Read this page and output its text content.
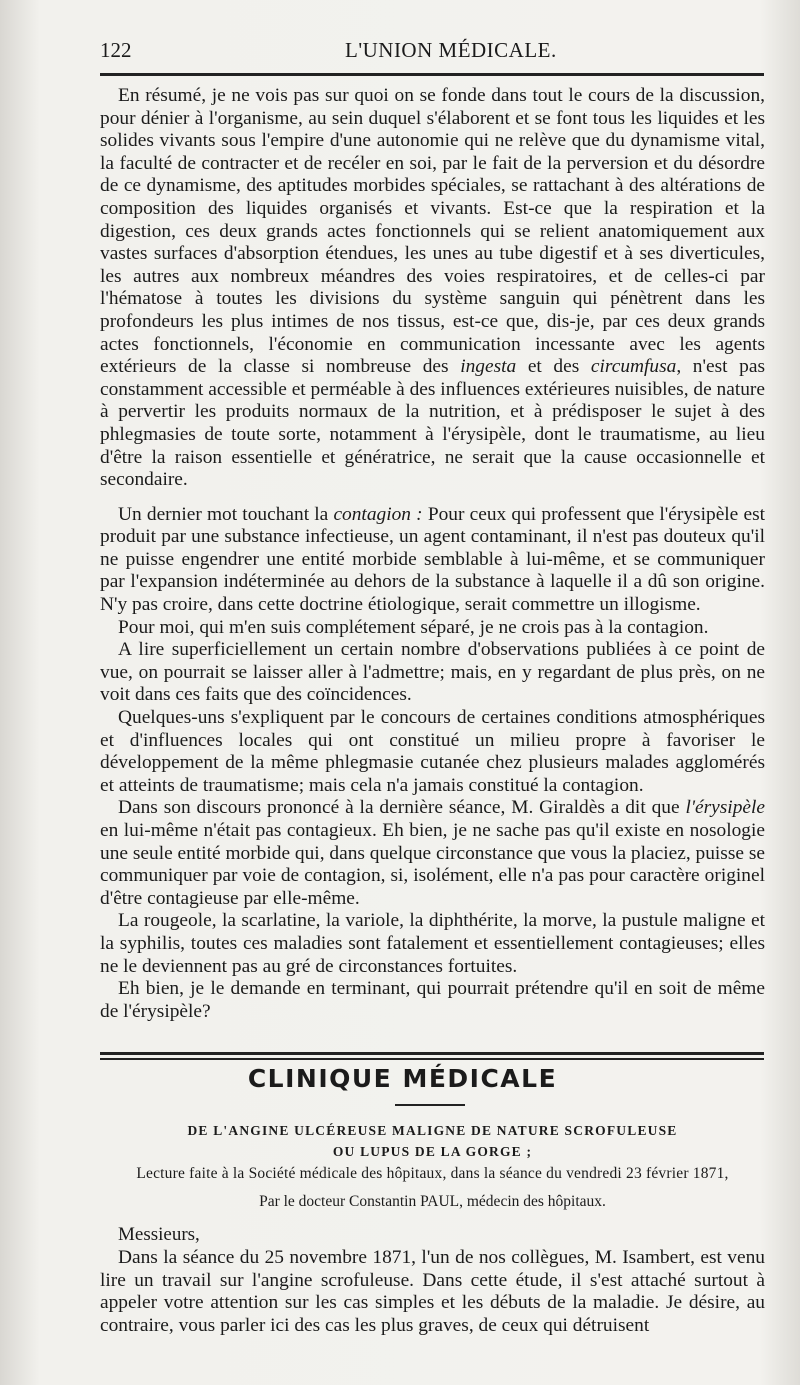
122	L'UNION MÉDICALE.

En résumé, je ne vois pas sur quoi on se fonde dans tout le cours de la discussion, pour dénier à l'organisme, au sein duquel s'élaborent et se font tous les liquides et les solides vivants sous l'empire d'une autonomie qui ne relève que du dynamisme vital, la faculté de contracter et de recéler en soi, par le fait de la perversion et du désordre de ce dynamisme, des aptitudes morbides spéciales, se rattachant à des altérations de composition des liquides organisés et vivants. Est-ce que la respiration et la digestion, ces deux grands actes fonctionnels qui se relient anatomiquement aux vastes surfaces d'absorption étendues, les unes au tube digestif et à ses diverticules, les autres aux nombreux méandres des voies respiratoires, et de celles-ci par l'hématose à toutes les divisions du système sanguin qui pénètrent dans les profondeurs les plus intimes de nos tissus, est-ce que, dis-je, par ces deux grands actes fonctionnels, l'économie en communication incessante avec les agents extérieurs de la classe si nombreuse des ingesta et des circumfusa, n'est pas constamment accessible et perméable à des influences extérieures nuisibles, de nature à pervertir les produits normaux de la nutrition, et à prédisposer le sujet à des phlegmasies de toute sorte, notamment à l'érysipèle, dont le traumatisme, au lieu d'être la raison essentielle et génératrice, ne serait que la cause occasionnelle et secondaire.

Un dernier mot touchant la contagion : Pour ceux qui professent que l'érysipèle est produit par une substance infectieuse, un agent contaminant, il n'est pas douteux qu'il ne puisse engendrer une entité morbide semblable à lui-même, et se communiquer par l'expansion indéterminée au dehors de la substance à laquelle il a dû son origine. N'y pas croire, dans cette doctrine étiologique, serait commettre un illogisme.

Pour moi, qui m'en suis complétement séparé, je ne crois pas à la contagion.

A lire superficiellement un certain nombre d'observations publiées à ce point de vue, on pourrait se laisser aller à l'admettre; mais, en y regardant de plus près, on ne voit dans ces faits que des coïncidences.

Quelques-uns s'expliquent par le concours de certaines conditions atmosphériques et d'influences locales qui ont constitué un milieu propre à favoriser le développement de la même phlegmasie cutanée chez plusieurs malades agglomérés et atteints de traumatisme; mais cela n'a jamais constitué la contagion.

Dans son discours prononcé à la dernière séance, M. Giraldès a dit que l'érysipèle en lui-même n'était pas contagieux. Eh bien, je ne sache pas qu'il existe en nosologie une seule entité morbide qui, dans quelque circonstance que vous la placiez, puisse se communiquer par voie de contagion, si, isolément, elle n'a pas pour caractère originel d'être contagieuse par elle-même.

La rougeole, la scarlatine, la variole, la diphthérite, la morve, la pustule maligne et la syphilis, toutes ces maladies sont fatalement et essentiellement contagieuses; elles ne le deviennent pas au gré de circonstances fortuites.

Eh bien, je le demande en terminant, qui pourrait prétendre qu'il en soit de même de l'érysipèle?

CLINIQUE MÉDICALE
DE L'ANGINE ULCÉREUSE MALIGNE DE NATURE SCROFULEUSE
OU LUPUS DE LA GORGE ;
Lecture faite à la Société médicale des hôpitaux, dans la séance du vendredi 23 février 1871,
Par le docteur Constantin PAUL, médecin des hôpitaux.
Messieurs,

Dans la séance du 25 novembre 1871, l'un de nos collègues, M. Isambert, est venu lire un travail sur l'angine scrofuleuse. Dans cette étude, il s'est attaché surtout à appeler votre attention sur les cas simples et les débuts de la maladie. Je désire, au contraire, vous parler ici des cas les plus graves, de ceux qui détruisent
